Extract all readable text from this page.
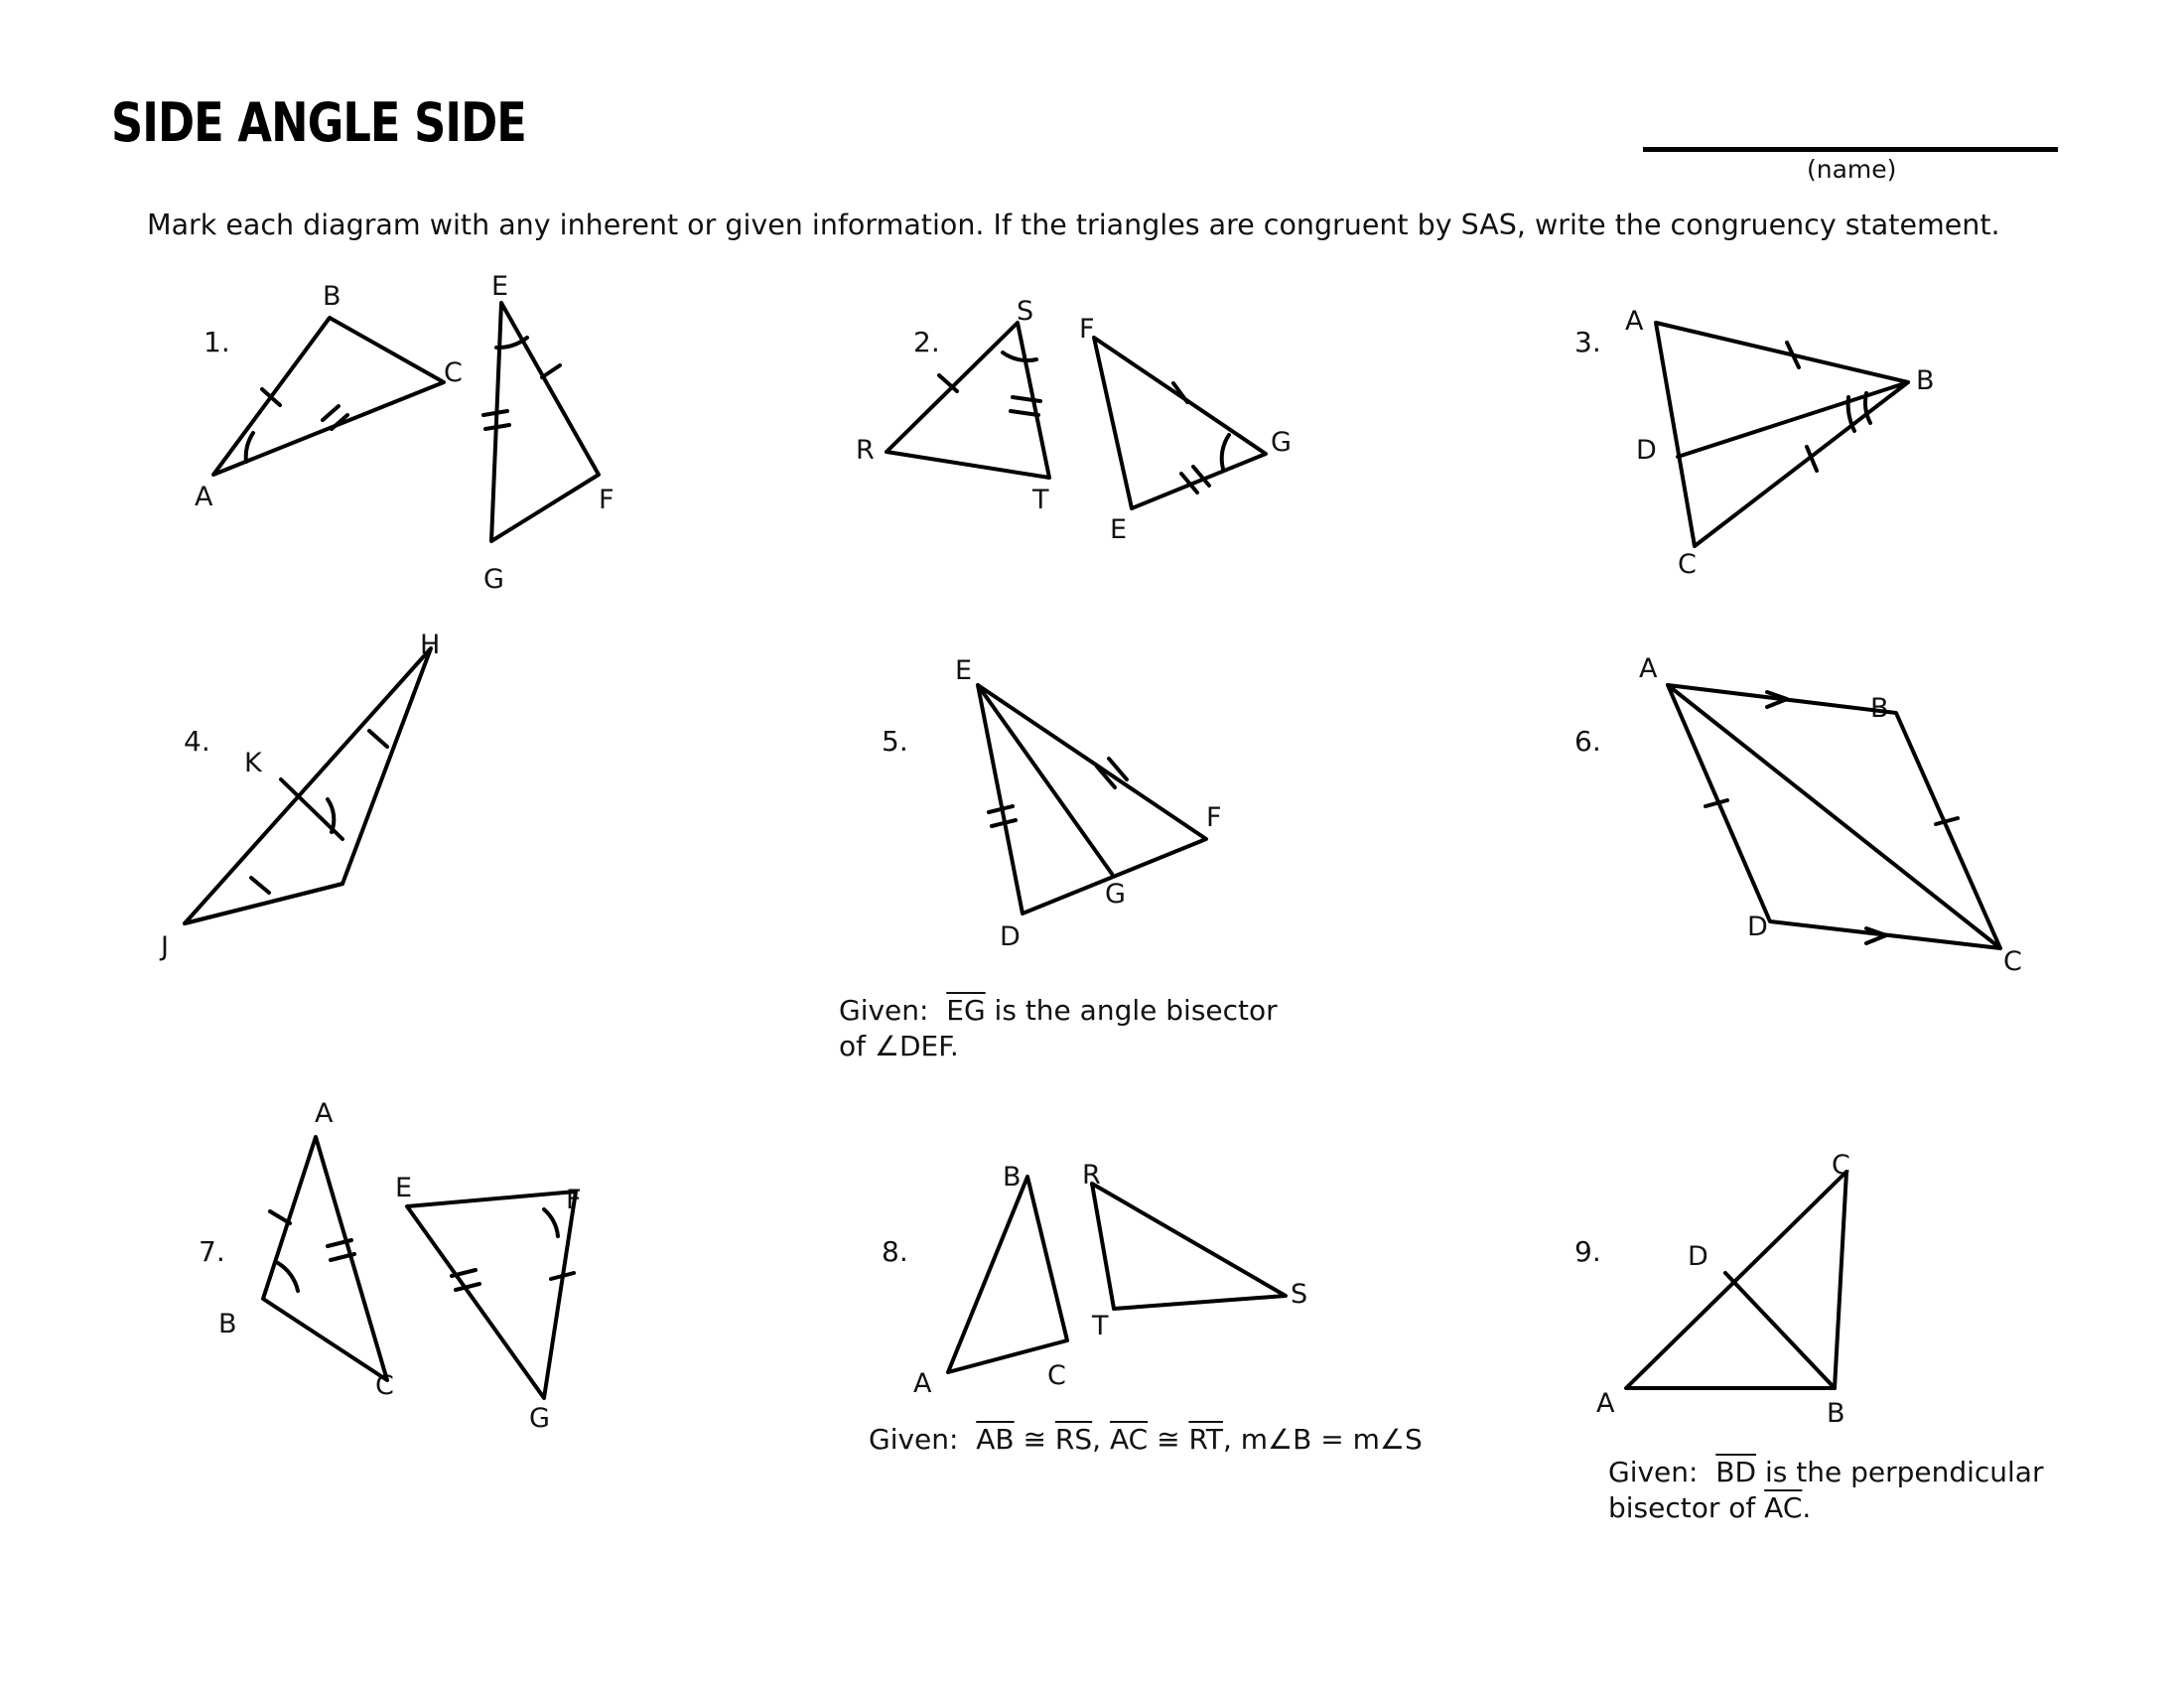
SIDE ANGLE SIDE
(name)
Mark each diagram with any inherent or given information. If the triangles are congruent by SAS, write the congruency statement.
1.	2.	3.
4.	5.	6.
7.	8.	9.
B
C
A
E
F
G
S
R
T
F
G
E
A
B
D
C
H
K
J
E
F
G
D
A
B
D
C
A
E	F
B
C
G
B R
S
T
A	C
C
D
A	B
Given:  $\overline{EG}$ is the angle bisector
of ∠DEF.
Given:  $\overline{AB}$ ≅ $\overline{RS}$, $\overline{AC}$ ≅ $\overline{RT}$, m∠B = m∠S
Given:  $\overline{BD}$ is the perpendicular
bisector of $\overline{AC}$.
